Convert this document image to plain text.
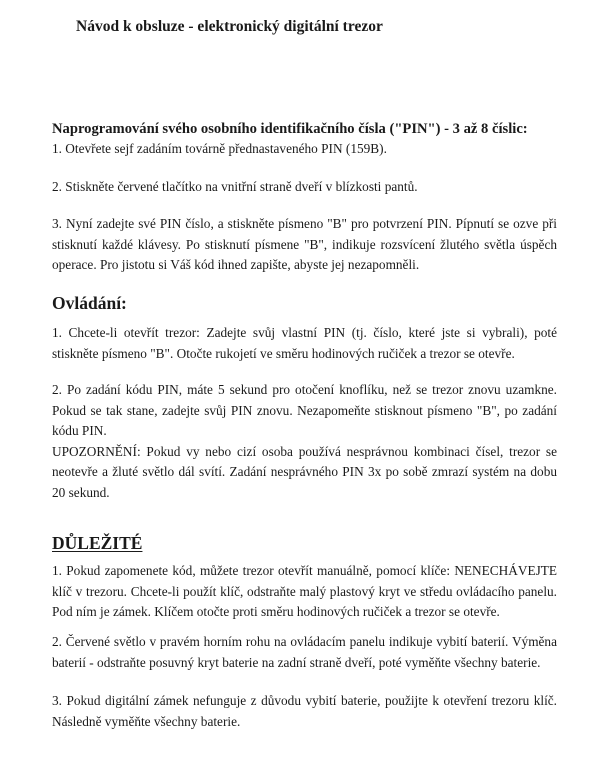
Návod k obsluze - elektronický digitální trezor
Naprogramování svého osobního identifikačního čísla ("PIN") - 3 až 8 číslic:
1. Otevřete sejf zadáním továrně přednastaveného PIN (159B).
2. Stiskněte červené tlačítko na vnitřní straně dveří v blízkosti pantů.
3. Nyní zadejte své PIN číslo, a stiskněte písmeno "B" pro potvrzení PIN. Pípnutí se ozve při
stisknutí každé klávesy. Po stisknutí písmene "B", indikuje rozsvícení žlutého světla úspěch
operace. Pro jistotu si Váš kód ihned zapište, abyste jej nezapomněli.
Ovládání:
1. Chcete-li otevřít trezor: Zadejte svůj vlastní PIN (tj. číslo, které jste si vybrali), poté
stiskněte písmeno "B". Otočte rukojetí ve směru hodinových ručiček a trezor se otevře.
2. Po zadání kódu PIN, máte 5 sekund pro otočení knoflíku, než se trezor znovu uzamkne.
Pokud se tak stane, zadejte svůj PIN znovu. Nezapomeňte stisknout písmeno "B", po zadání
kódu PIN.
UPOZORNĚNÍ: Pokud vy nebo cizí osoba používá nesprávnou kombinaci čísel, trezor se
neotevře a žluté světlo dál svítí. Zadání nesprávného PIN 3x po sobě zmrazí systém na dobu
20 sekund.
DŮLEŽITÉ
1. Pokud zapomenete kód, můžete trezor otevřít manuálně, pomocí klíče: NENECHÁVEJTE
klíč v trezoru. Chcete-li použít klíč, odstraňte malý plastový kryt ve středu ovládacího panelu.
Pod ním je zámek. Klíčem otočte proti směru hodinových ručiček a trezor se otevře.
2. Červené světlo v pravém horním rohu na ovládacím panelu indikuje vybití baterií. Výměna
baterií - odstraňte posuvný kryt baterie na zadní straně dveří, poté vyměňte všechny baterie.
3. Pokud digitální zámek nefunguje z důvodu vybití baterie, použijte k otevření trezoru klíč.
Následně vyměňte všechny baterie.
